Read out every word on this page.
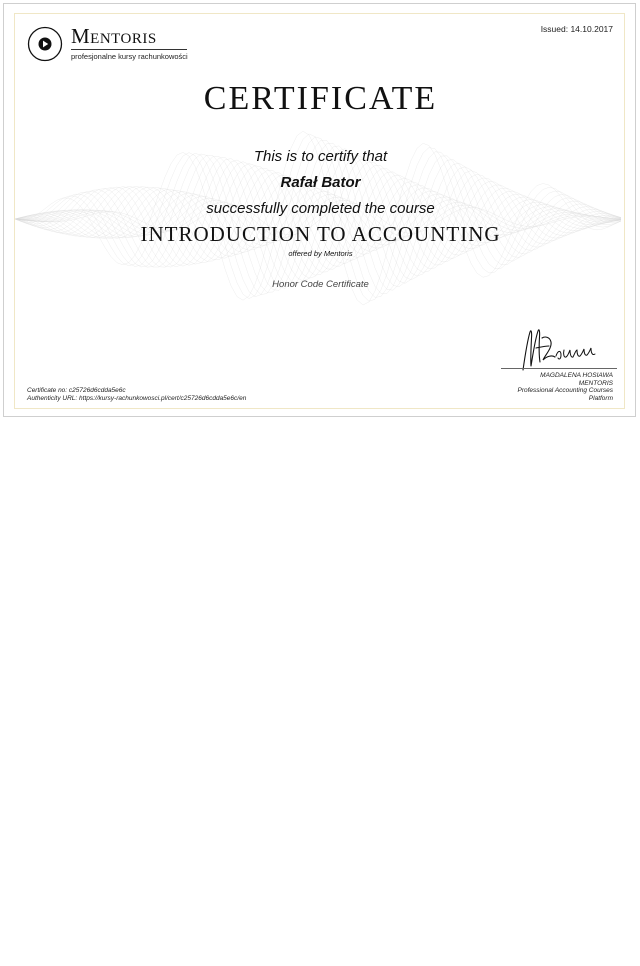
Mentoris
profesjonalne kursy rachunkowości
Issued: 14.10.2017
CERTIFICATE
This is to certify that
Rafał Bator
successfully completed the course
INTRODUCTION TO ACCOUNTING
offered by Mentoris
Honor Code Certificate
Certificate no: c25726d6cdda5e6c
Authenticity URL: https://kursy-rachunkowosci.pl/cert/c25726d6cdda5e6c/en
MAGDALENA HOSIAWA
MENTORIS
Professional Accounting Courses
Platform
